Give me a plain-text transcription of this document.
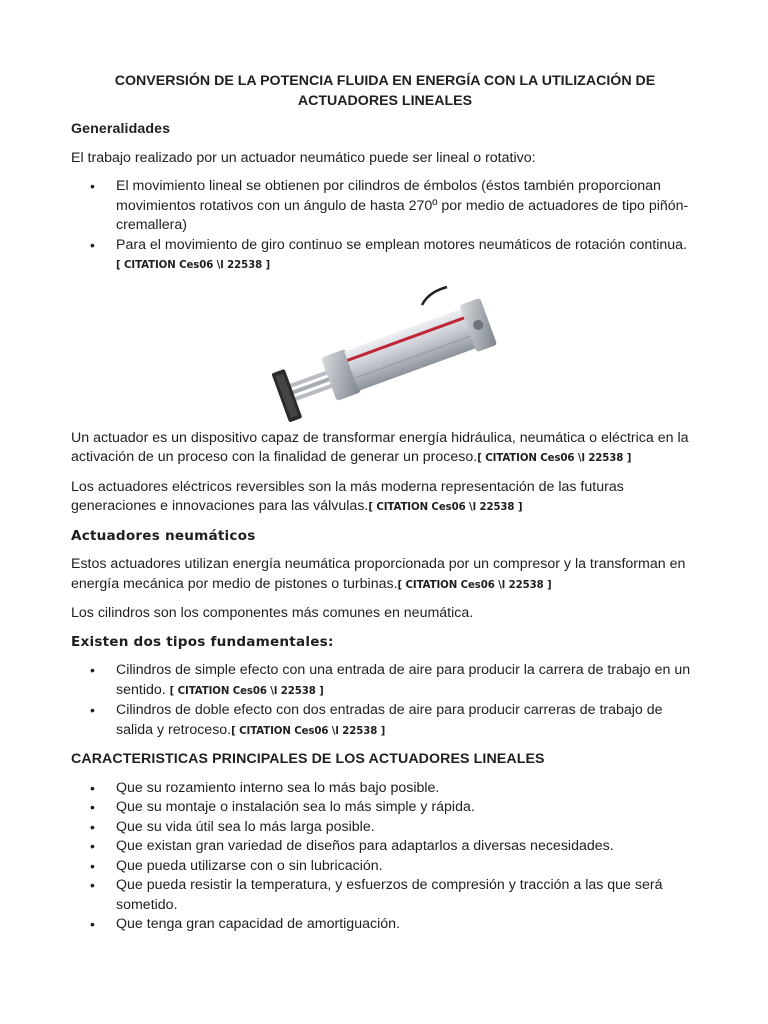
CONVERSIÓN DE LA POTENCIA FLUIDA EN ENERGÍA CON LA UTILIZACIÓN DE ACTUADORES LINEALES
Generalidades

El trabajo realizado por un actuador neumático puede ser lineal o rotativo:

• El movimiento lineal se obtienen por cilindros de émbolos (éstos también proporcionan movimientos rotativos con un ángulo de hasta 270º por medio de actuadores de tipo piñón-cremallera)
• Para el movimiento de giro continuo se emplean motores neumáticos de rotación continua.[ CITATION Ces06 \l 22538 ]

Un actuador es un dispositivo capaz de transformar energía hidráulica, neumática o eléctrica en la activación de un proceso con la finalidad de generar un proceso.[ CITATION Ces06 \l 22538 ]

Los actuadores eléctricos reversibles son la más moderna representación de las futuras generaciones e innovaciones para las válvulas.[ CITATION Ces06 \l 22538 ]

Actuadores neumáticos

Estos actuadores utilizan energía neumática proporcionada por un compresor y la transforman en energía mecánica por medio de pistones o turbinas.[ CITATION Ces06 \l 22538 ]

Los cilindros son los componentes más comunes en neumática.

Existen dos tipos fundamentales:
• Cilindros de simple efecto con una entrada de aire para producir la carrera de trabajo en un sentido. [ CITATION Ces06 \l 22538 ]
• Cilindros de doble efecto con dos entradas de aire para producir carreras de trabajo de salida y retroceso.[ CITATION Ces06 \l 22538 ]
CARACTERISTICAS PRINCIPALES DE LOS ACTUADORES LINEALES
• Que su rozamiento interno sea lo más bajo posible.
• Que su montaje o instalación sea lo más simple y rápida.
• Que su vida útil sea lo más larga posible.
• Que existan gran variedad de diseños para adaptarlos a diversas necesidades.
• Que pueda utilizarse con o sin lubricación.
• Que pueda resistir la temperatura, y esfuerzos de compresión y tracción a las que será sometido.
• Que tenga gran capacidad de amortiguación.
